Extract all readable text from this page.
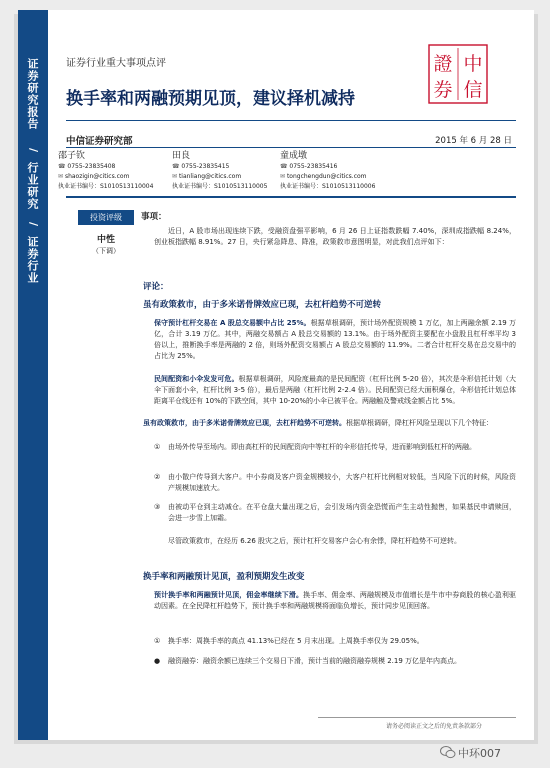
证券研究报告
/
行业研究
/
证券行业
證 中
券 信
证券行业重大事项点评
换手率和两融预期见顶，建议择机减持
中信证券研究部	2015 年 6 月 28 日
邵子钦
☎ 0755-23835408
✉ shaozigin@citics.com
执业证书编号：S1010513110004
田良
☎ 0755-23835415
✉ tianliang@citics.com
执业证书编号：S1010513110005
童成墩
☎ 0755-23835416
✉ tongchengdun@citics.com
执业证书编号：S1010513110006
投资评级
中性
（下调）
事项：
近日，A 股市场出现连续下跌，受融资盘强平影响，6 月 26 日上证指数跌幅 7.40%，深圳成指跌幅 8.24%，创业板指跌幅 8.91%。27 日，央行紧急降息、降准，政策救市意图明显，对此我们点评如下：
评论：
虽有政策救市，由于多米诺骨牌效应已现，去杠杆趋势不可逆转
保守预计杠杆交易在 A 股总交易额中占比 25%。根据草根调研，预计场外配资规模 1 万亿，加上两融余额 2.19 万亿，合计 3.19 万亿。其中，两融交易额占 A 股总交易额的 13.1%。由于场外配资主要配在小盘股且杠杆率平均 3 倍以上，推断换手率是两融的 2 倍，则场外配资交易额占 A 股总交易额的 11.9%。二者合计杠杆交易在总交易中的占比为 25%。
民间配资和小伞发发可危。根据草根调研，风险度最高的是民间配资（杠杆比例 5-20 倍），其次是伞形信托计划（大伞下面套小伞，杠杆比例 3-5 倍），最后是两融（杠杆比例 2-2.4 倍）。民间配资已经大面积爆仓，伞形信托计划总体距离平仓线还有 10%的下跌空间，其中 10-20%的小伞已被平仓。两融触及警戒线金额占比 5%。
虽有政策救市，由于多米诺骨牌效应已现，去杠杆趋势不可逆转。根据草根调研，降杠杆风险呈现以下几个特征：
① 由场外传导至场内。即由高杠杆的民间配资向中等杠杆的伞形信托传导，进而影响到低杠杆的两融。
② 由小散户传导到大客户。中小券商及客户资金规模较小，大客户杠杆比例相对较低，当风险下沉的时候，风险资产规模加速放大。
③ 由被动平仓到主动减仓。在平仓盘大量出现之后，会引发场内资金恐慌而产生主动性抛售，如果基民申请赎回，会进一步雪上加霜。
尽管政策救市，在经历 6.26 股灾之后，预计杠杆交易客户会心有余悸，降杠杆趋势不可逆转。
换手率和两融预计见顶，盈利预期发生改变
预计换手率和两融预计见顶，佣金率继续下滑。换手率、佣金率、两融规模及市值增长是牛市中券商股的核心盈利驱动因素。在全民降杠杆趋势下，预计换手率和两融规模将面临负增长，预计同步见顶回落。
① 换手率：周换手率的高点 41.13%已经在 5 月末出现。上周换手率仅为 29.05%。
● 融资融券：融资余额已连续三个交易日下滑，预计当前的融资融券规模 2.19 万亿是年内高点。
请务必阅读正文之后的免责条款部分
中环007
